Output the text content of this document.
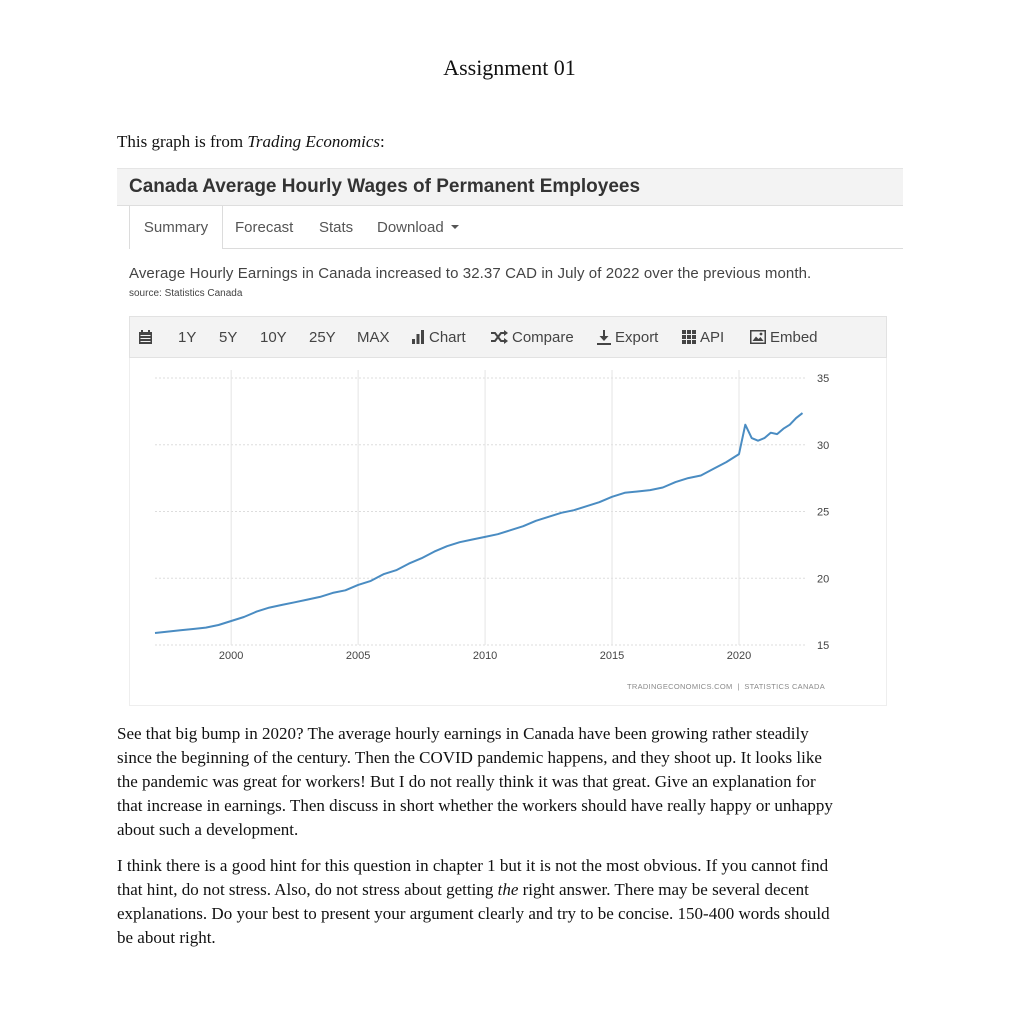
Assignment 01
This graph is from Trading Economics:
Canada Average Hourly Wages of Permanent Employees
Summary	Forecast Stats Download
Average Hourly Earnings in Canada increased to 32.37 CAD in July of 2022 over the previous month.
source: Statistics Canada
1Y 5Y 10Y 25Y MAX	Chart	Compare	Export	API	Embed
15
20
25
30
35
2000	2005	2010	2015	2020
TRADINGECONOMICS.COM  |  STATISTICS CANADA
See that big bump in 2020? The average hourly earnings in Canada have been growing rather steadily
since the beginning of the century. Then the COVID pandemic happens, and they shoot up. It looks like
the pandemic was great for workers! But I do not really think it was that great. Give an explanation for
that increase in earnings. Then discuss in short whether the workers should have really happy or unhappy
about such a development.
I think there is a good hint for this question in chapter 1 but it is not the most obvious. If you cannot find
that hint, do not stress. Also, do not stress about getting the right answer. There may be several decent
explanations. Do your best to present your argument clearly and try to be concise. 150-400 words should
be about right.
